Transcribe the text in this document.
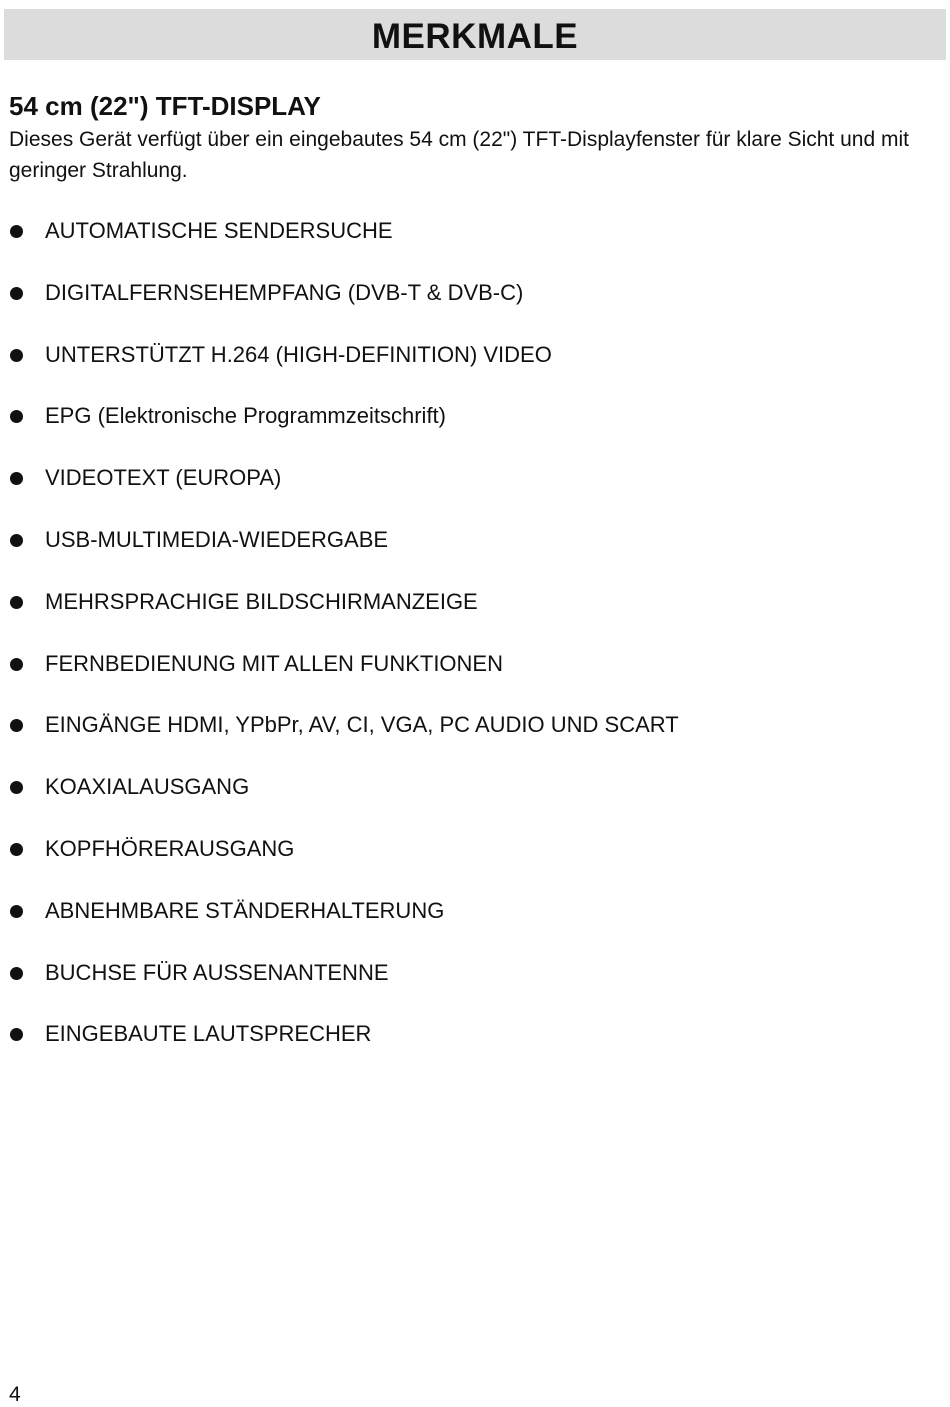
MERKMALE
54 cm (22") TFT-DISPLAY

Dieses Gerät verfügt über ein eingebautes 54 cm (22") TFT-Displayfenster für klare Sicht und mit geringer Strahlung.

AUTOMATISCHE SENDERSUCHE
DIGITALFERNSEHEMPFANG (DVB-T & DVB-C)
UNTERSTÜTZT H.264 (HIGH-DEFINITION) VIDEO
EPG (Elektronische Programmzeitschrift)
VIDEOTEXT (EUROPA)
USB-MULTIMEDIA-WIEDERGABE
MEHRSPRACHIGE BILDSCHIRMANZEIGE
FERNBEDIENUNG MIT ALLEN FUNKTIONEN
EINGÄNGE HDMI, YPbPr, AV, CI, VGA, PC AUDIO UND SCART
KOAXIALAUSGANG
KOPFHÖRERAUSGANG
ABNEHMBARE STÄNDERHALTERUNG
BUCHSE FÜR AUSSENANTENNE
EINGEBAUTE LAUTSPRECHER
4
